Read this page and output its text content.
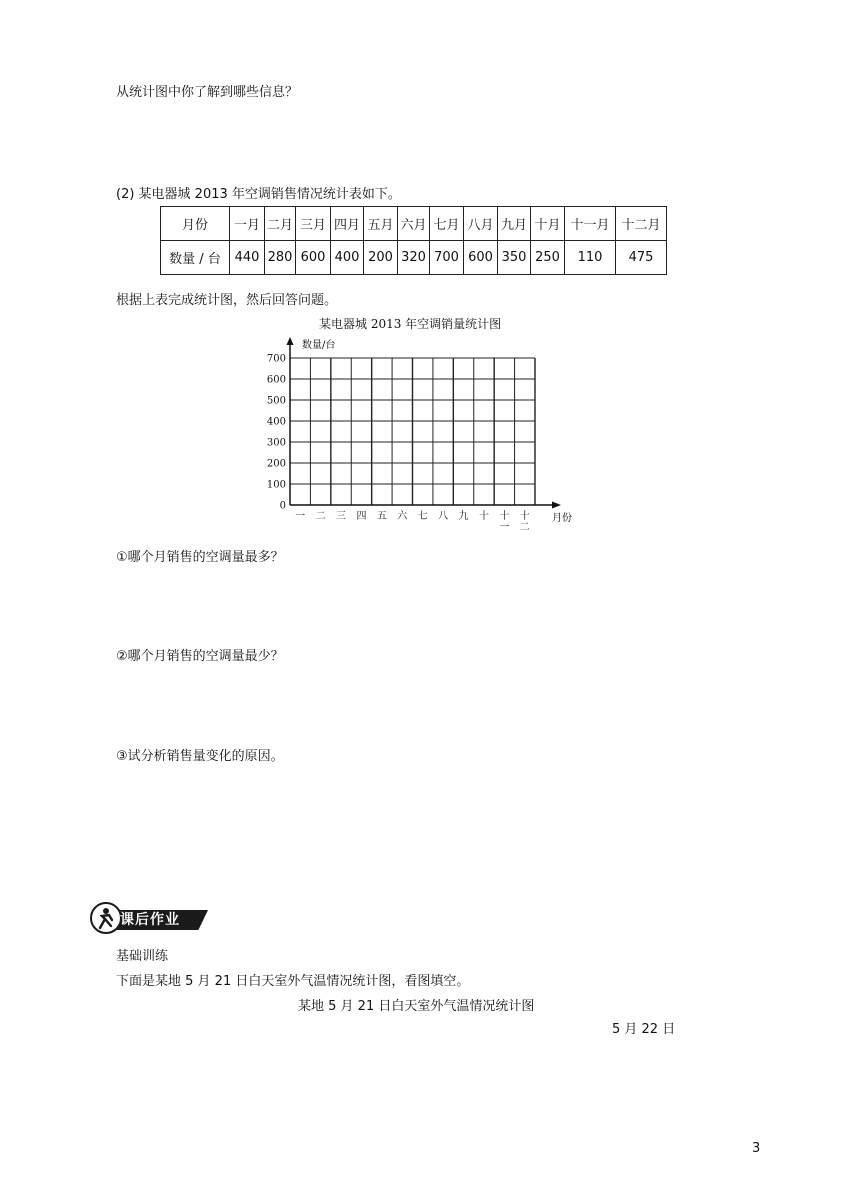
从统计图中你了解到哪些信息？
(2) 某电器城 2013 年空调销售情况统计表如下。
月份	一月	二月	三月	四月	五月	六月	七月	八月	九月	十月	十一月	十二月
数量 / 台	440	280	600	400	200	320	700	600	350	250	110	475
根据上表完成统计图，然后回答问题。
某电器城 2013 年空调销量统计图
0
100
200
300
400
500
600
700
一 二 三 四 五 六 七 八 九 十 十一
十二
数量/台
月份
①哪个月销售的空调量最多？
②哪个月销售的空调量最少？
③试分析销售量变化的原因。
课后作业
基础训练
下面是某地 5 月 21 日白天室外气温情况统计图，看图填空。
某地 5 月 21 日白天室外气温情况统计图
5 月 22 日
3
